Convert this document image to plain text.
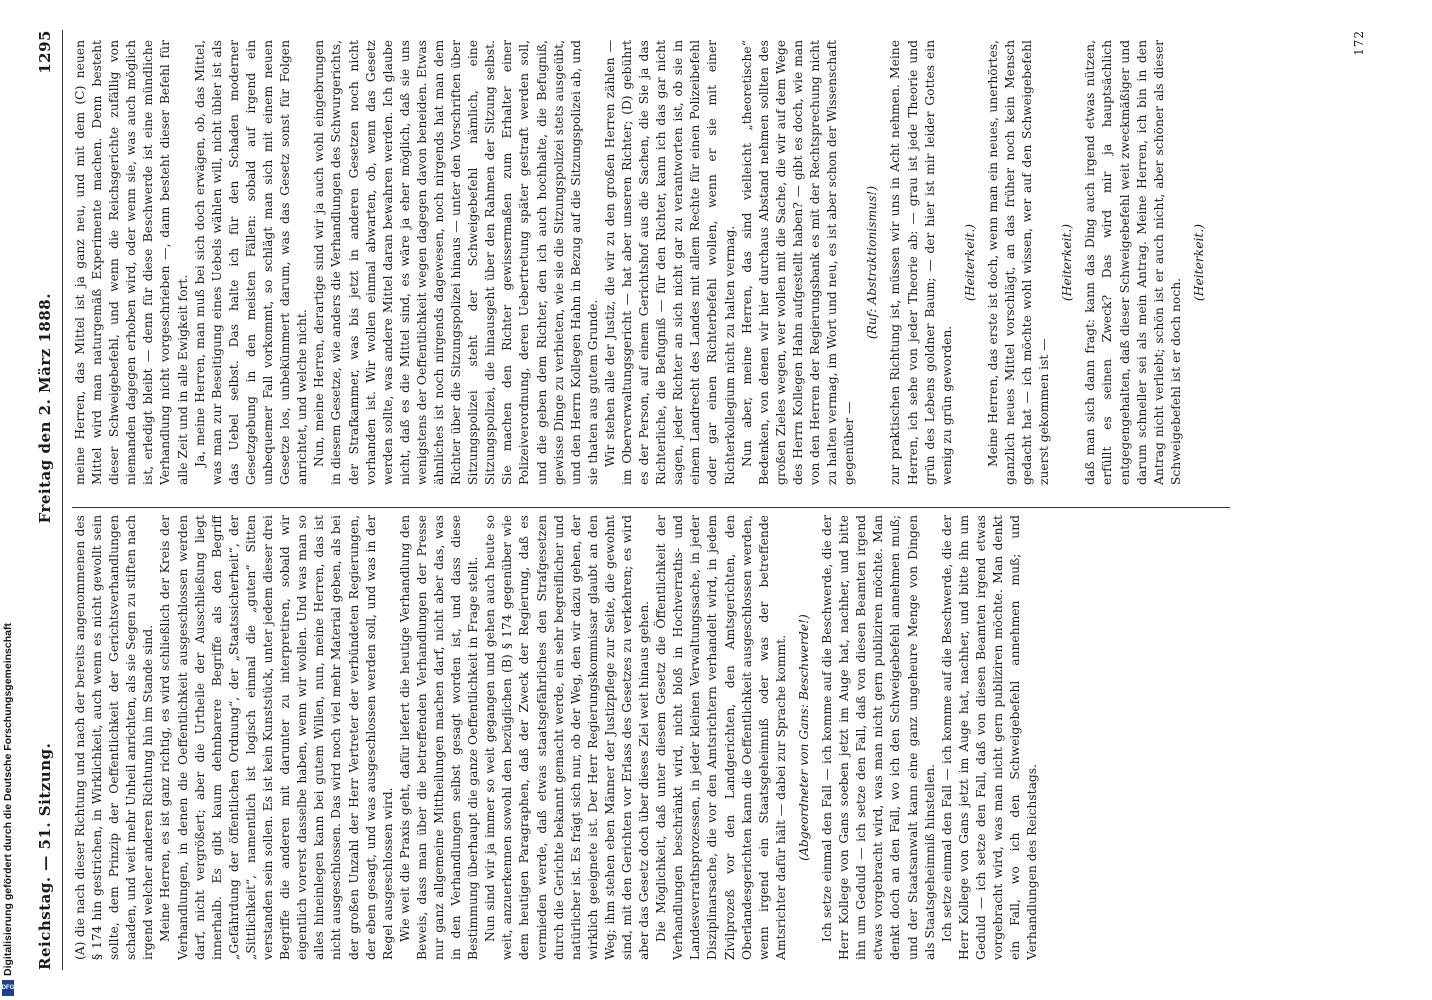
Digitalisierung gefördert durch die Deutsche Forschungsgemeinschaft
DFG
Reichstag. — 51. Sitzung.
Freitag den 2. März 1888.
1295

(A) die nach dieser Richtung und nach der bereits angenommenen des § 174 hin gestrichen, in Wirklichkeit, auch wenn es nicht gewollt sein sollte, dem Prinzip der Oeffentlichkeit der Gerichtsverhandlungen schaden, und weit mehr Unheil anrichten, als sie Segen zu stiften nach irgend welcher anderen Richtung hin im Stande sind. Meine Herren, es ist ganz richtig, es wird schließlich der Kreis der Verhandlungen, in denen die Oeffentlichkeit ausgeschlossen werden darf, nicht vergrößert; aber die Urtheile der Ausschließung liegt innerhalb. Es gibt kaum dehnbarere Begriffe als den Begriff „Gefährdung der öffentlichen Ordnung“, der „Staatssicherheit“, der „Sittlichkeit“, namentlich ist logisch einmal die „guten“ Sitten verstanden sein sollen. Es ist kein Kunststück, unter jedem dieser drei Begriffe die anderen mit darunter zu interpretiren, sobald wir eigentlich vorerst dasselbe haben, wenn wir wollen. Und was man so alles hineinlegen kann bei gutem Willen, nun, meine Herren, das ist nicht ausgeschlossen. Das wird noch viel mehr Material geben, als bei der großen Unzahl der Herr Vertreter der verbündeten Regierungen, der eben gesagt, und was ausgeschlossen werden soll, und was in der Regel ausgeschlossen wird. Wie weit die Praxis geht, dafür liefert die heutige Verhandlung den Beweis, dass man über die betreffenden Verhandlungen der Presse nur ganz allgemeine Mittheilungen machen darf, nicht aber das, was in den Verhandlungen selbst gesagt worden ist, und dass diese Bestimmung überhaupt die ganze Oeffentlichkeit in Frage stellt. Nun sind wir ja immer so weit gegangen und gehen auch heute so weit, anzuerkennen sowohl den bezüglichen (B) § 174 gegenüber wie dem heutigen Paragraphen, daß der Zweck der Regierung, daß es vermieden werde, daß etwas staatsgefährliches den Strafgesetzen durch die Gerichte bekannt gemacht werde, ein sehr begreiflicher und natürlicher ist. Es frägt sich nur, ob der Weg, den wir dazu gehen, der wirklich geeignete ist. Der Herr Regierungskommissar glaubt an den Weg; ihm stehen eben Männer der Justizpflege zur Seite, die gewohnt sind, mit den Gerichten vor Erlass des Gesetzes zu verkehren; es wird aber das Gesetz doch über dieses Ziel weit hinaus gehen. Die Möglichkeit, daß unter diesem Gesetz die Öffentlichkeit der Verhandlungen beschränkt wird, nicht bloß in Hochverraths- und Landesverrathsprozessen, in jeder kleinen Verwaltungssache, in jeder Disziplinarsache, die vor den Amtsrichtern verhandelt wird, in jedem Zivilprozeß vor den Landgerichten, den Amtsgerichten, den Oberlandesgerichten kann die Oeffentlichkeit ausgeschlossen werden, wenn irgend ein Staatsgeheimniß oder was der betreffende Amtsrichter dafür hält — dabei zur Sprache kommt. (Abgeordneter von Gans: Beschwerde!) Ich setze einmal den Fall — ich komme auf die Beschwerde, die der Herr Kollege von Gans soeben jetzt im Auge hat, nachher, und bitte ihn um Geduld — ich setze den Fall, daß von diesen Beamten irgend etwas vorgebracht wird, was man nicht gern publiziren möchte. Man denkt doch an den Fall, wo ich den Schweigebefehl annehmen muß; und der Staatsanwalt kann eine ganz ungeheure Menge von Dingen als Staatsgeheimniß hinstellen. Ich setze einmal den Fall — ich komme auf die Beschwerde, die der Herr Kollege von Gans jetzt im Auge hat, nachher, und bitte ihn um Geduld — ich setze den Fall, daß von diesen Beamten irgend etwas vorgebracht wird, was man nicht gern publiziren möchte. Man denkt ein Fall, wo ich den Schweigebefehl annehmen muß; und Verhandlungen des Reichstags.

meine Herren, das Mittel ist ja ganz neu, und mit dem (C) neuen Mittel wird man naturgemäß Experimente machen. Denn besteht dieser Schweigebefehl, und wenn die Reichsgerichte zufällig von niemanden dagegen erhoben wird, oder wenn sie, was auch möglich ist, erledigt bleibt — denn für diese Beschwerde ist eine mündliche Verhandlung nicht vorgeschrieben —, dann besteht dieser Befehl für alle Zeit und in alle Ewigkeit fort. Ja, meine Herren, man muß bei sich doch erwägen, ob, das Mittel, was man zur Beseitigung eines Uebels wählen will, nicht übler ist als das Uebel selbst. Das halte ich für den Schaden moderner Gesetzgebung in den meisten Fällen: sobald auf irgend ein unbequemer Fall vorkommt, so schlägt man sich mit einem neuen Gesetze los, unbekümmert darum, was das Gesetz sonst für Folgen anrichtet, und welche nicht. Nun, meine Herren, derartige sind wir ja auch wohl eingebrungen in diesem Gesetze, wie anders die Verhandlungen des Schwurgerichts, der Strafkammer, was bis jetzt in anderen Gesetzen noch nicht vorhanden ist. Wir wollen einmal abwarten, ob, wenn das Gesetz werden sollte, was andere Mittel daran bewahren werden. Ich glaube nicht, daß es die Mittel sind, es wäre ja eher möglich, daß sie uns wenigstens der Oeffentlichkeit wegen dagegen davon beneiden. Etwas ähnliches ist noch nirgends dagewesen, noch nirgends hat man dem Richter über die Sitzungspolizei hinaus — unter den Vorschriften über Sitzungspolizei steht der Schweigebefehl nämlich, eine Sitzungspolizei, die hinausgeht über den Rahmen der Sitzung selbst. Sie machen den Richter gewissermaßen zum Erhalter einer Polizeiverordnung, deren Uebertretung später gestraft werden soll, und die geben dem Richter, den ich auch hochhalte, die Befugniß, gewisse Dinge zu verbieten, wie sie die Sitzungspolizei stets ausgeübt, und den Herrn Kollegen Hahn in Bezug auf die Sitzungspolizei ab, und sie thaten aus gutem Grunde. Wir stehen alle der Justiz, die wir zu den großen Herren zählen — im Oberverwaltungsgericht — hat aber unseren Richter; (D) gebührt es der Person, auf einem Gerichtshof aus die Sachen, die Sie ja das Richterliche, die Befugniß — für den Richter, kann ich das gar nicht sagen, jeder Richter an sich nicht gar zu verantworten ist, ob sie in einem Landrecht des Landes mit allem Rechte für einen Polizeibefehl oder gar einen Richterbefehl wollen, wenn er sie mit einer Richterkollegium nicht zu halten vermag. Nun aber, meine Herren, das sind vielleicht „theoretische“ Bedenken, von denen wir hier durchaus Abstand nehmen sollten des großen Zieles wegen, wer wollen mit die Sache, die wir auf dem Wege des Herrn Kollegen Hahn aufgestellt haben? — gibt es doch, wie man von den Herren der Regierungsbank es mit der Rechtsprechung nicht zu halten vermag, im Wort und neu, es ist aber schon der Wissenschaft gegenüber —

(Ruf: Abstraktionismus!) zur praktischen Richtung ist, müssen wir uns in Acht nehmen. Meine Herren, ich sehe von jeder Theorie ab: — grau ist jede Theorie und grün des Lebens goldner Baum; — der hier ist mir leider Gottes ein wenig zu grün geworden.

(Heiterkeit.) Meine Herren, das erste ist doch, wenn man ein neues, unerhörtes, ganzlich neues Mittel vorschlägt, an das früher noch kein Mensch gedacht hat — ich möchte wohl wissen, wer auf den Schweigebefehl zuerst gekommen ist —

(Heiterkeit.) daß man sich dann fragt: kann das Ding auch irgend etwas nützen, erfüllt es seinen Zweck? Das wird mir ja hauptsächlich entgegengehalten, daß dieser Schweigebefehl weit zweckmäßiger und darum schneller sei als mein Antrag. Meine Herren, ich bin in den Antrag nicht verliebt; schön ist er auch nicht, aber schöner als dieser Schweigebefehl ist er doch noch.

(Heiterkeit.)
172
